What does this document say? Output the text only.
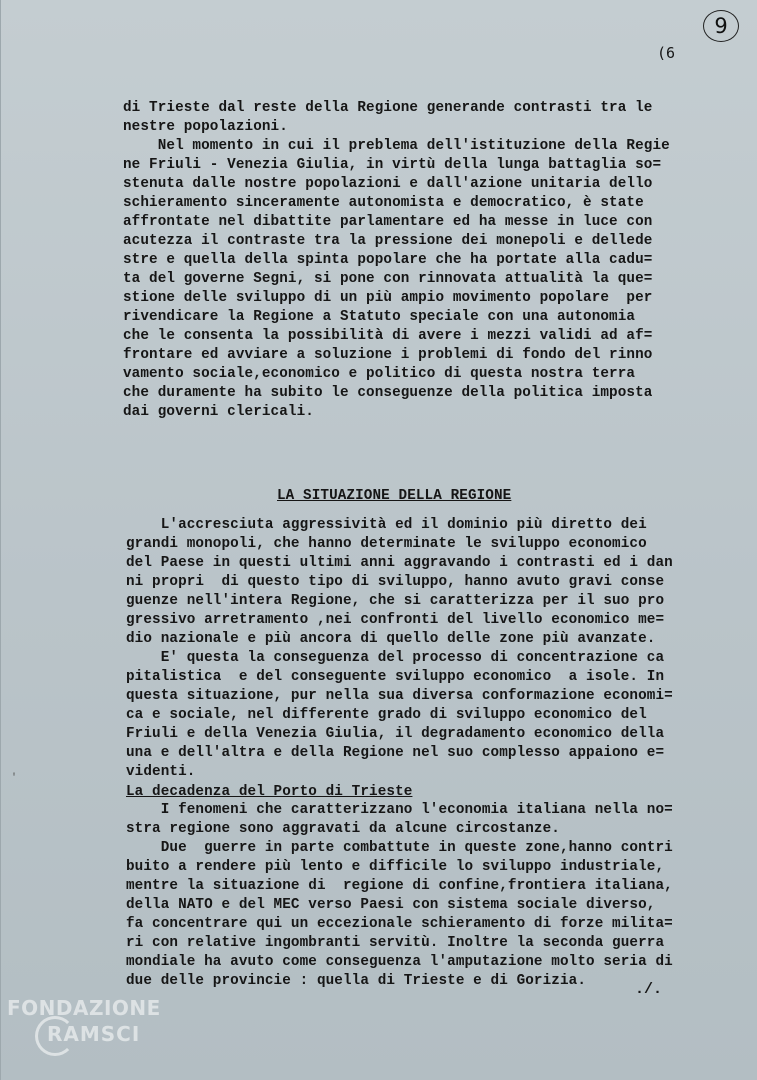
9
(6
di Trieste dal reste della Regione generande contrasti tra le
nestre popolazioni.
Nel momento in cui il preblema dell'istituzione della Regie
ne Friuli - Venezia Giulia, in virtù della lunga battaglia so=
stenuta dalle nostre popolazioni e dall'azione unitaria dello
schieramento sinceramente autonomista e democratico, è state
affrontate nel dibattite parlamentare ed ha messe in luce con
acutezza il contraste tra la pressione dei monepoli e dellede
stre e quella della spinta popolare che ha portate alla cadu=
ta del governe Segni, si pone con rinnovata attualità la que=
stione delle sviluppo di un più ampio movimento popolare  per
rivendicare la Regione a Statuto speciale con una autonomia
che le consenta la possibilità di avere i mezzi validi ad af=
frontare ed avviare a soluzione i problemi di fondo del rinno
vamento sociale,economico e politico di questa nostra terra
che duramente ha subito le conseguenze della politica imposta
dai governi clericali.
LA SITUAZIONE DELLA REGIONE
L'accresciuta aggressività ed il dominio più diretto dei
grandi monopoli, che hanno determinate le sviluppo economico
del Paese in questi ultimi anni aggravando i contrasti ed i dan
ni propri  di questo tipo di sviluppo, hanno avuto gravi conse
guenze nell'intera Regione, che si caratterizza per il suo pro
gressivo arretramento ,nei confronti del livello economico me=
dio nazionale e più ancora di quello delle zone più avanzate.
E' questa la conseguenza del processo di concentrazione ca
pitalistica  e del conseguente sviluppo economico  a isole. In
questa situazione, pur nella sua diversa conformazione economi=
ca e sociale, nel differente grado di sviluppo economico del
Friuli e della Venezia Giulia, il degradamento economico della
una e dell'altra e della Regione nel suo complesso appaiono e=
videnti.
La decadenza del Porto di Trieste
I fenomeni che caratterizzano l'economia italiana nella no=
stra regione sono aggravati da alcune circostanze.
Due  guerre in parte combattute in queste zone,hanno contri
buito a rendere più lento e difficile lo sviluppo industriale,
mentre la situazione di  regione di confine,frontiera italiana,
della NATO e del MEC verso Paesi con sistema sociale diverso,
fa concentrare qui un eccezionale schieramento di forze milita=
ri con relative ingombranti servitù. Inoltre la seconda guerra
mondiale ha avuto come conseguenza l'amputazione molto seria di
due delle provincie : quella di Trieste e di Gorizia.	./.
'
FONDAZIONE
RAMSCI
